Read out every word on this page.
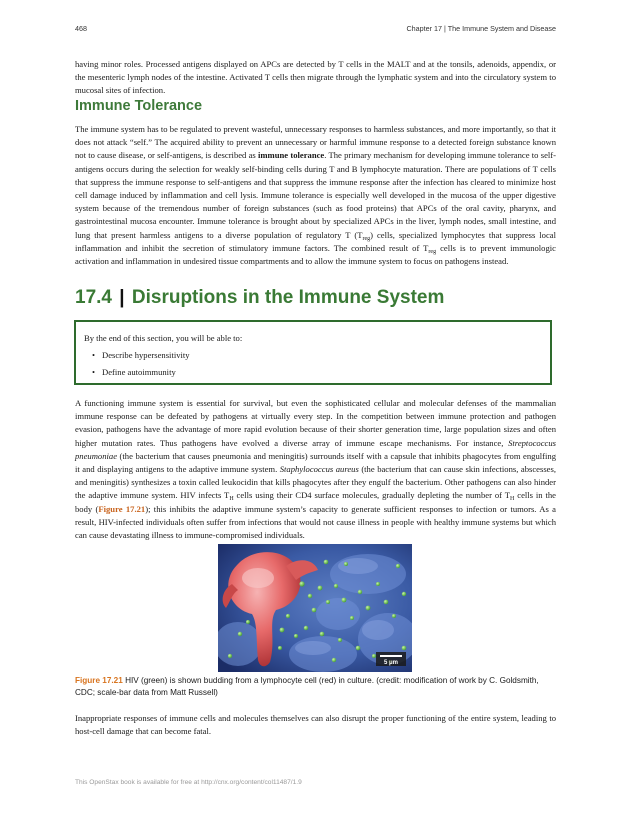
468	Chapter 17 | The Immune System and Disease

having minor roles. Processed antigens displayed on APCs are detected by T cells in the MALT and at the tonsils, adenoids, appendix, or the mesenteric lymph nodes of the intestine. Activated T cells then migrate through the lymphatic system and into the circulatory system to mucosal sites of infection.

Immune Tolerance

The immune system has to be regulated to prevent wasteful, unnecessary responses to harmless substances, and more importantly, so that it does not attack “self.” The acquired ability to prevent an unnecessary or harmful immune response to a detected foreign substance known not to cause disease, or self-antigens, is described as immune tolerance. The primary mechanism for developing immune tolerance to self-antigens occurs during the selection for weakly self-binding cells during T and B lymphocyte maturation. There are populations of T cells that suppress the immune response to self-antigens and that suppress the immune response after the infection has cleared to minimize host cell damage induced by inflammation and cell lysis. Immune tolerance is especially well developed in the mucosa of the upper digestive system because of the tremendous number of foreign substances (such as food proteins) that APCs of the oral cavity, pharynx, and gastrointestinal mucosa encounter. Immune tolerance is brought about by specialized APCs in the liver, lymph nodes, small intestine, and lung that present harmless antigens to a diverse population of regulatory T $(T_{reg})$ cells, specialized lymphocytes that suppress local inflammation and inhibit the secretion of stimulatory immune factors. The combined result of $T_{reg}$ cells is to prevent immunologic activation and inflammation in undesired tissue compartments and to allow the immune system to focus on pathogens instead.

17.4 | Disruptions in the Immune System

By the end of this section, you will be able to:

• Describe hypersensitivity
• Define autoimmunity

A functioning immune system is essential for survival, but even the sophisticated cellular and molecular defenses of the mammalian immune response can be defeated by pathogens at virtually every step. In the competition between immune protection and pathogen evasion, pathogens have the advantage of more rapid evolution because of their shorter generation time, large population sizes and often higher mutation rates. Thus pathogens have evolved a diverse array of immune escape mechanisms. For instance, Streptococcus pneumoniae (the bacterium that causes pneumonia and meningitis) surrounds itself with a capsule that inhibits phagocytes from engulfing it and displaying antigens to the adaptive immune system. Staphylococcus aureus (the bacterium that can cause skin infections, abscesses, and meningitis) synthesizes a toxin called leukocidin that kills phagocytes after they engulf the bacterium. Other pathogens can also hinder the adaptive immune system. HIV infects $T_H$ cells using their CD4 surface molecules, gradually depleting the number of $T_H$ cells in the body (Figure 17.21); this inhibits the adaptive immune system’s capacity to generate sufficient responses to infection or tumors. As a result, HIV-infected individuals often suffer from infections that would not cause illness in people with healthy immune systems but which can cause devastating illness to immune-compromised individuals.

5 μm

Figure 17.21 HIV (green) is shown budding from a lymphocyte cell (red) in culture. (credit: modification of work by C. Goldsmith, CDC; scale-bar data from Matt Russell)

Inappropriate responses of immune cells and molecules themselves can also disrupt the proper functioning of the entire system, leading to host-cell damage that can become fatal.

This OpenStax book is available for free at http://cnx.org/content/col11487/1.9
